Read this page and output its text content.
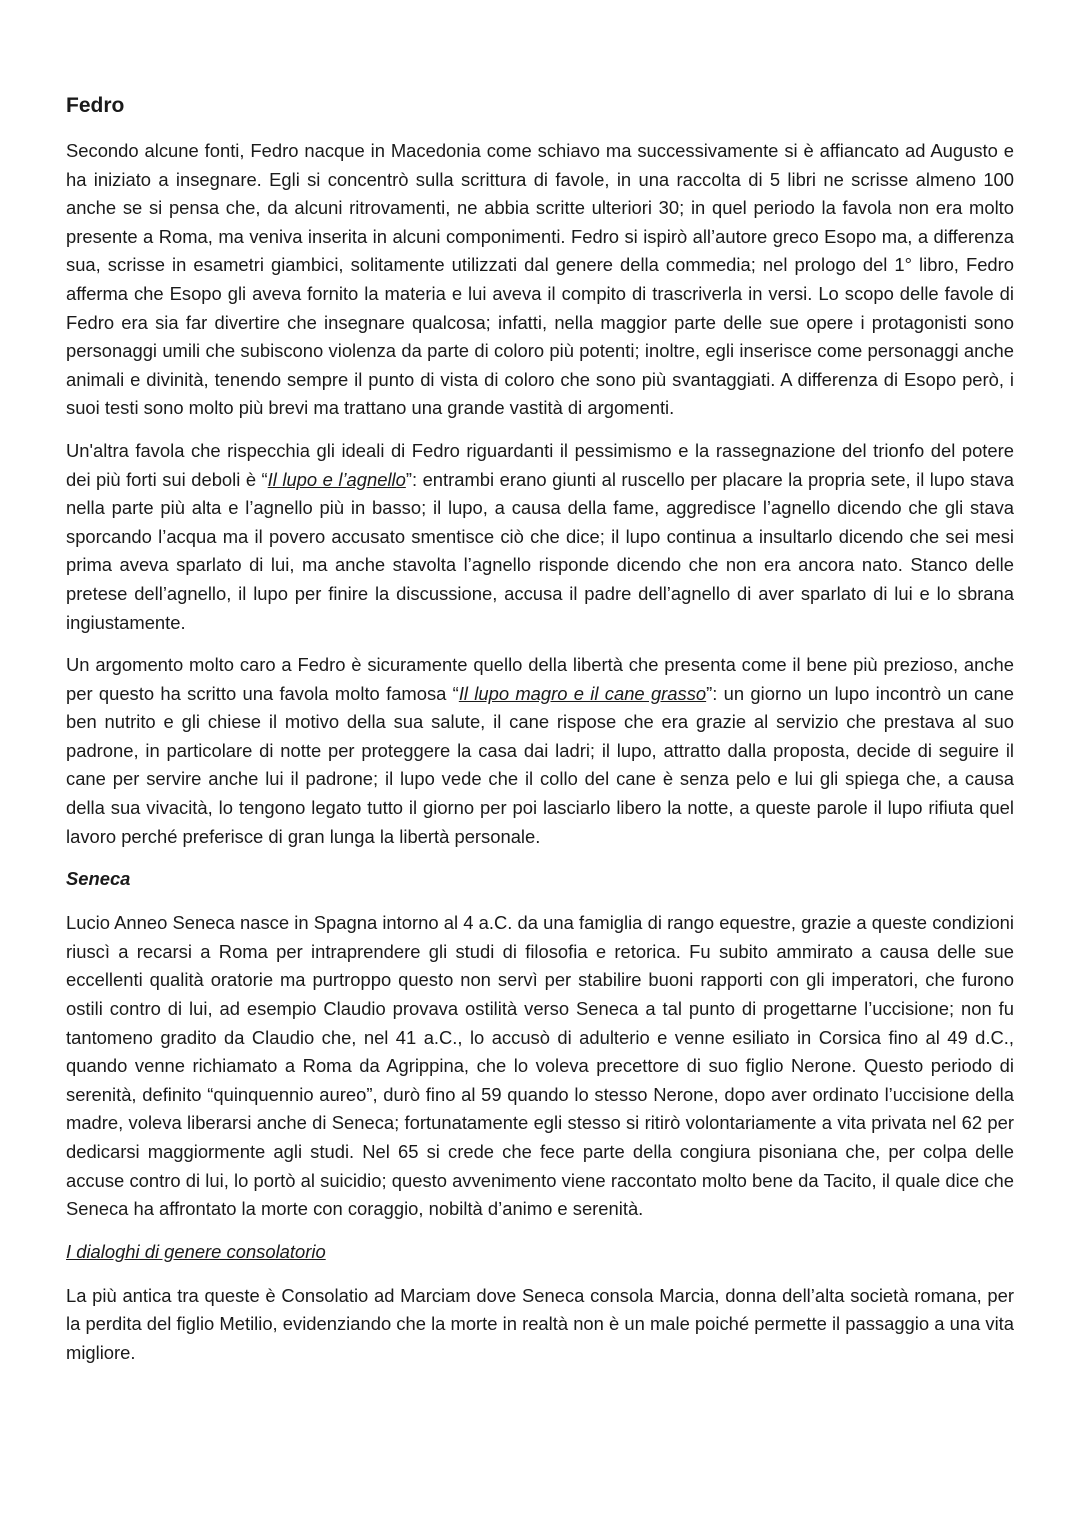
Fedro

Secondo alcune fonti, Fedro nacque in Macedonia come schiavo ma successivamente si è affiancato ad Augusto e ha iniziato a insegnare. Egli si concentrò sulla scrittura di favole, in una raccolta di 5 libri ne scrisse almeno 100 anche se si pensa che, da alcuni ritrovamenti, ne abbia scritte ulteriori 30; in quel periodo la favola non era molto presente a Roma, ma veniva inserita in alcuni componimenti. Fedro si ispirò all’autore greco Esopo ma, a differenza sua, scrisse in esametri giambici, solitamente utilizzati dal genere della commedia; nel prologo del 1° libro, Fedro afferma che Esopo gli aveva fornito la materia e lui aveva il compito di trascriverla in versi. Lo scopo delle favole di Fedro era sia far divertire che insegnare qualcosa; infatti, nella maggior parte delle sue opere i protagonisti sono personaggi umili che subiscono violenza da parte di coloro più potenti; inoltre, egli inserisce come personaggi anche animali e divinità, tenendo sempre il punto di vista di coloro che sono più svantaggiati. A differenza di Esopo però, i suoi testi sono molto più brevi ma trattano una grande vastità di argomenti.

Un'altra favola che rispecchia gli ideali di Fedro riguardanti il pessimismo e la rassegnazione del trionfo del potere dei più forti sui deboli è “Il lupo e l’agnello”: entrambi erano giunti al ruscello per placare la propria sete, il lupo stava nella parte più alta e l’agnello più in basso; il lupo, a causa della fame, aggredisce l’agnello dicendo che gli stava sporcando l’acqua ma il povero accusato smentisce ciò che dice; il lupo continua a insultarlo dicendo che sei mesi prima aveva sparlato di lui, ma anche stavolta l’agnello risponde dicendo che non era ancora nato. Stanco delle pretese dell’agnello, il lupo per finire la discussione, accusa il padre dell’agnello di aver sparlato di lui e lo sbrana ingiustamente.

Un argomento molto caro a Fedro è sicuramente quello della libertà che presenta come il bene più prezioso, anche per questo ha scritto una favola molto famosa “Il lupo magro e il cane grasso”: un giorno un lupo incontrò un cane ben nutrito e gli chiese il motivo della sua salute, il cane rispose che era grazie al servizio che prestava al suo padrone, in particolare di notte per proteggere la casa dai ladri; il lupo, attratto dalla proposta, decide di seguire il cane per servire anche lui il padrone; il lupo vede che il collo del cane è senza pelo e lui gli spiega che, a causa della sua vivacità, lo tengono legato tutto il giorno per poi lasciarlo libero la notte, a queste parole il lupo rifiuta quel lavoro perché preferisce di gran lunga la libertà personale.

Seneca

Lucio Anneo Seneca nasce in Spagna intorno al 4 a.C. da una famiglia di rango equestre, grazie a queste condizioni riuscì a recarsi a Roma per intraprendere gli studi di filosofia e retorica. Fu subito ammirato a causa delle sue eccellenti qualità oratorie ma purtroppo questo non servì per stabilire buoni rapporti con gli imperatori, che furono ostili contro di lui, ad esempio Claudio provava ostilità verso Seneca a tal punto di progettarne l’uccisione; non fu tantomeno gradito da Claudio che, nel 41 a.C., lo accusò di adulterio e venne esiliato in Corsica fino al 49 d.C., quando venne richiamato a Roma da Agrippina, che lo voleva precettore di suo figlio Nerone. Questo periodo di serenità, definito “quinquennio aureo”, durò fino al 59 quando lo stesso Nerone, dopo aver ordinato l’uccisione della madre, voleva liberarsi anche di Seneca; fortunatamente egli stesso si ritirò volontariamente a vita privata nel 62 per dedicarsi maggiormente agli studi. Nel 65 si crede che fece parte della congiura pisoniana che, per colpa delle accuse contro di lui, lo portò al suicidio; questo avvenimento viene raccontato molto bene da Tacito, il quale dice che Seneca ha affrontato la morte con coraggio, nobiltà d’animo e serenità.

I dialoghi di genere consolatorio

La più antica tra queste è Consolatio ad Marciam dove Seneca consola Marcia, donna dell’alta società romana, per la perdita del figlio Metilio, evidenziando che la morte in realtà non è un male poiché permette il passaggio a una vita migliore.
